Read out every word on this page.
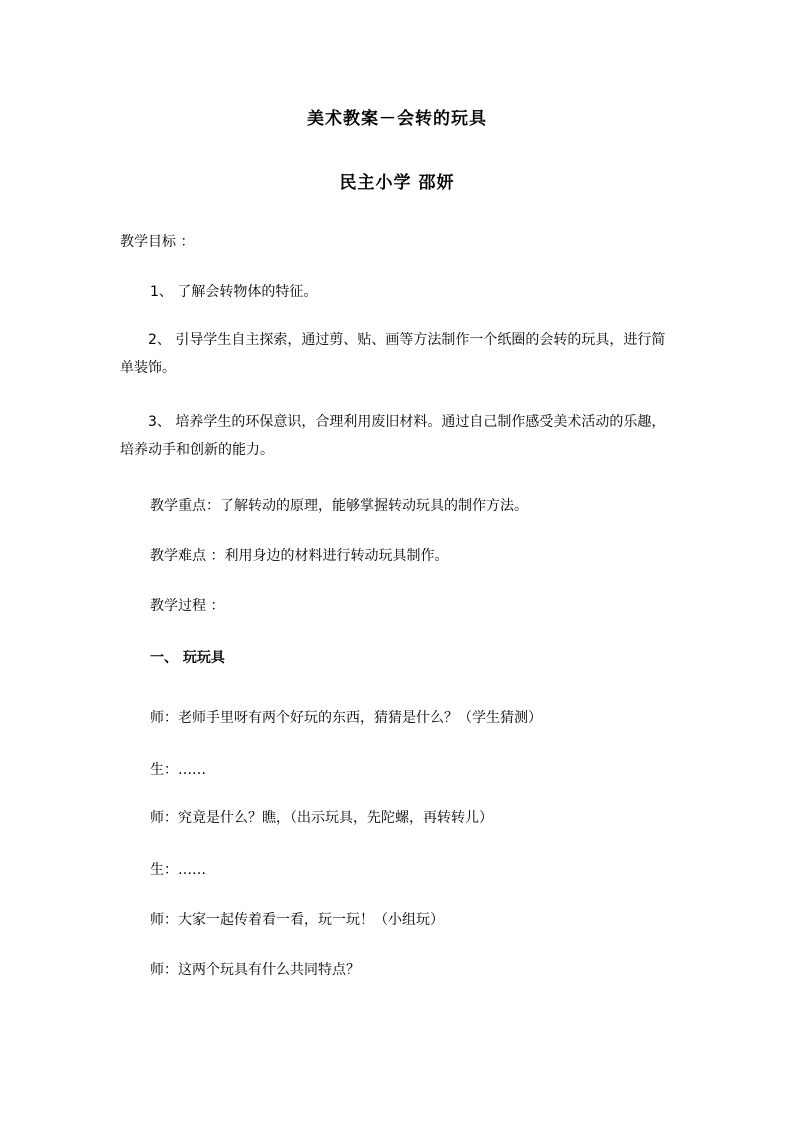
美术教案－会转的玩具
民主小学 邵妍
教学目标 ：
1、 了解会转物体的特征。
2、 引导学生自主探索，通过剪、贴、画等方法制作一个纸圈的会转的玩具，进行简单装饰。
3、 培养学生的环保意识，合理利用废旧材料。通过自己制作感受美术活动的乐趣，培养动手和创新的能力。
教学重点：了解转动的原理，能够掌握转动玩具的制作方法。
教学难点 ：利用身边的材料进行转动玩具制作。
教学过程 ：
一、 玩玩具
师：老师手里呀有两个好玩的东西，猜猜是什么？（学生猜测）
生：……
师：究竟是什么？瞧，（出示玩具，先陀螺，再转转儿）
生：……
师：大家一起传着看一看，玩一玩！（小组玩）
师：这两个玩具有什么共同特点？
